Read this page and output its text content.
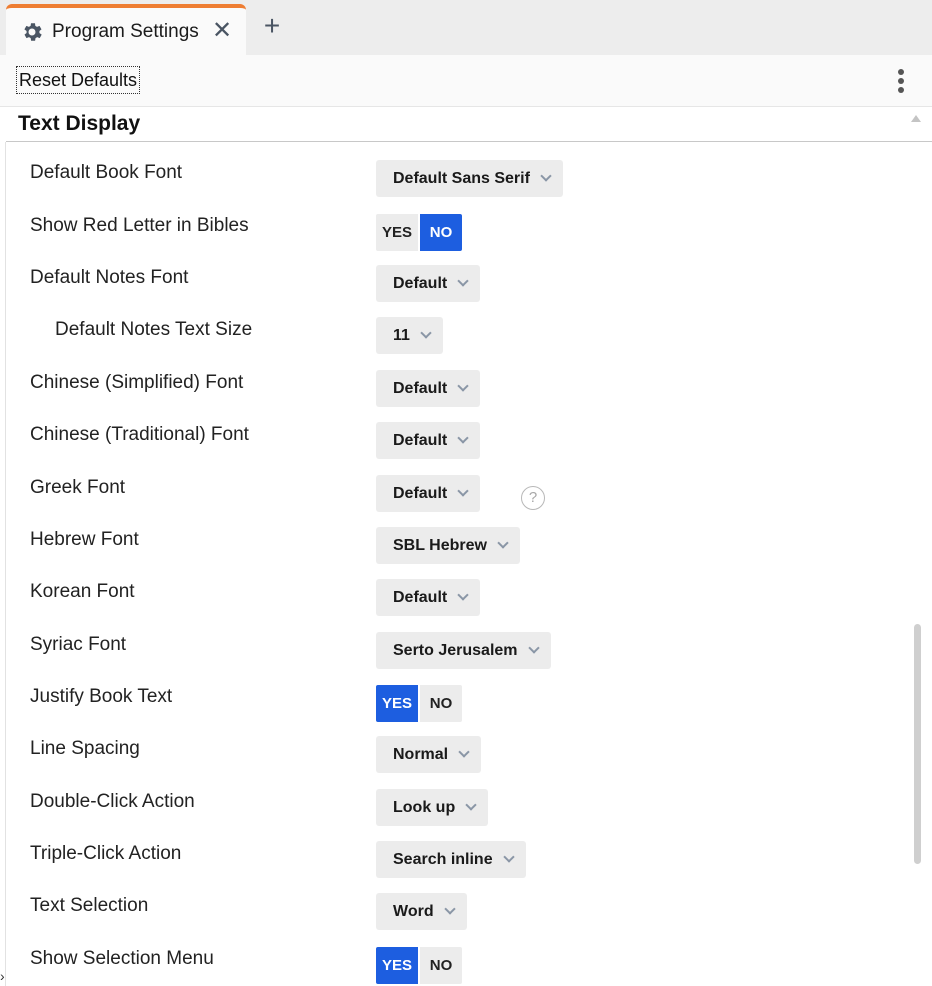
Program Settings ✕ +
Reset Defaults
Text Display
›
Default Book Font	Default Sans Serif
Show Red Letter in Bibles	YES	NO
Default Notes Font	Default
Default Notes Text Size	11
Chinese (Simplified) Font	Default
Chinese (Traditional) Font	Default
Greek Font	Default	?
Hebrew Font	SBL Hebrew
Korean Font	Default
Syriac Font	Serto Jerusalem
Justify Book Text	YES	NO
Line Spacing	Normal
Double-Click Action	Look up
Triple-Click Action	Search inline
Text Selection	Word
Show Selection Menu	YES	NO
